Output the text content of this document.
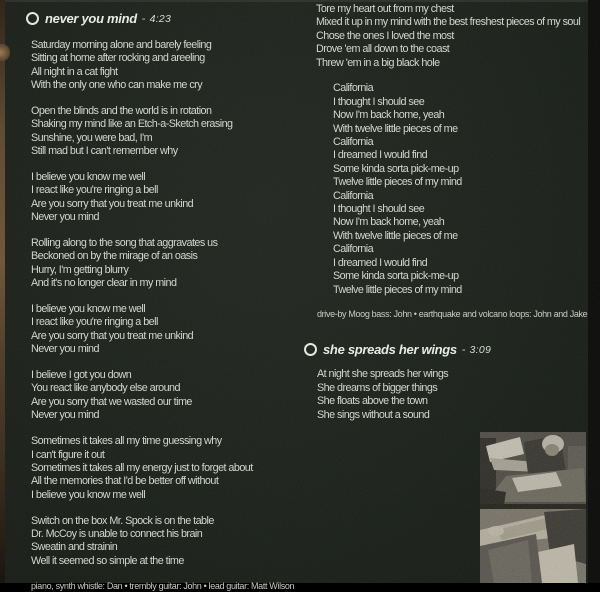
never you mind - 4:23
Saturday morning alone and barely feeling
Sitting at home after rocking and areeling
All night in a cat fight
With the only one who can make me cry
Open the blinds and the world is in rotation
Shaking my mind like an Etch-a-Sketch erasing
Sunshine, you were bad, I'm
Still mad but I can't remember why
I believe you know me well
I react like you're ringing a bell
Are you sorry that you treat me unkind
Never you mind
Rolling along to the song that aggravates us
Beckoned on by the mirage of an oasis
Hurry, I'm getting blurry
And it's no longer clear in my mind
I believe you know me well
I react like you're ringing a bell
Are you sorry that you treat me unkind
Never you mind
I believe I got you down
You react like anybody else around
Are you sorry that we wasted our time
Never you mind
Sometimes it takes all my time guessing why
I can't figure it out
Sometimes it takes all my energy just to forget about
All the memories that I'd be better off without
I believe you know me well
Switch on the box Mr. Spock is on the table
Dr. McCoy is unable to connect his brain
Sweatin and strainin
Well it seemed so simple at the time
piano, synth whistle: Dan • trembly guitar: John • lead guitar: Matt Wilson
Tore my heart out from my chest
Mixed it up in my mind with the best freshest pieces of my soul
Chose the ones I loved the most
Drove 'em all down to the coast
Threw 'em in a big black hole
California
I thought I should see
Now I'm back home, yeah
With twelve little pieces of me
California
I dreamed I would find
Some kinda sorta pick-me-up
Twelve little pieces of my mind
California
I thought I should see
Now I'm back home, yeah
With twelve little pieces of me
California
I dreamed I would find
Some kinda sorta pick-me-up
Twelve little pieces of my mind
drive-by Moog bass: John • earthquake and volcano loops: John and Jake
she spreads her wings - 3:09
At night she spreads her wings
She dreams of bigger things
She floats above the town
She sings without a sound
